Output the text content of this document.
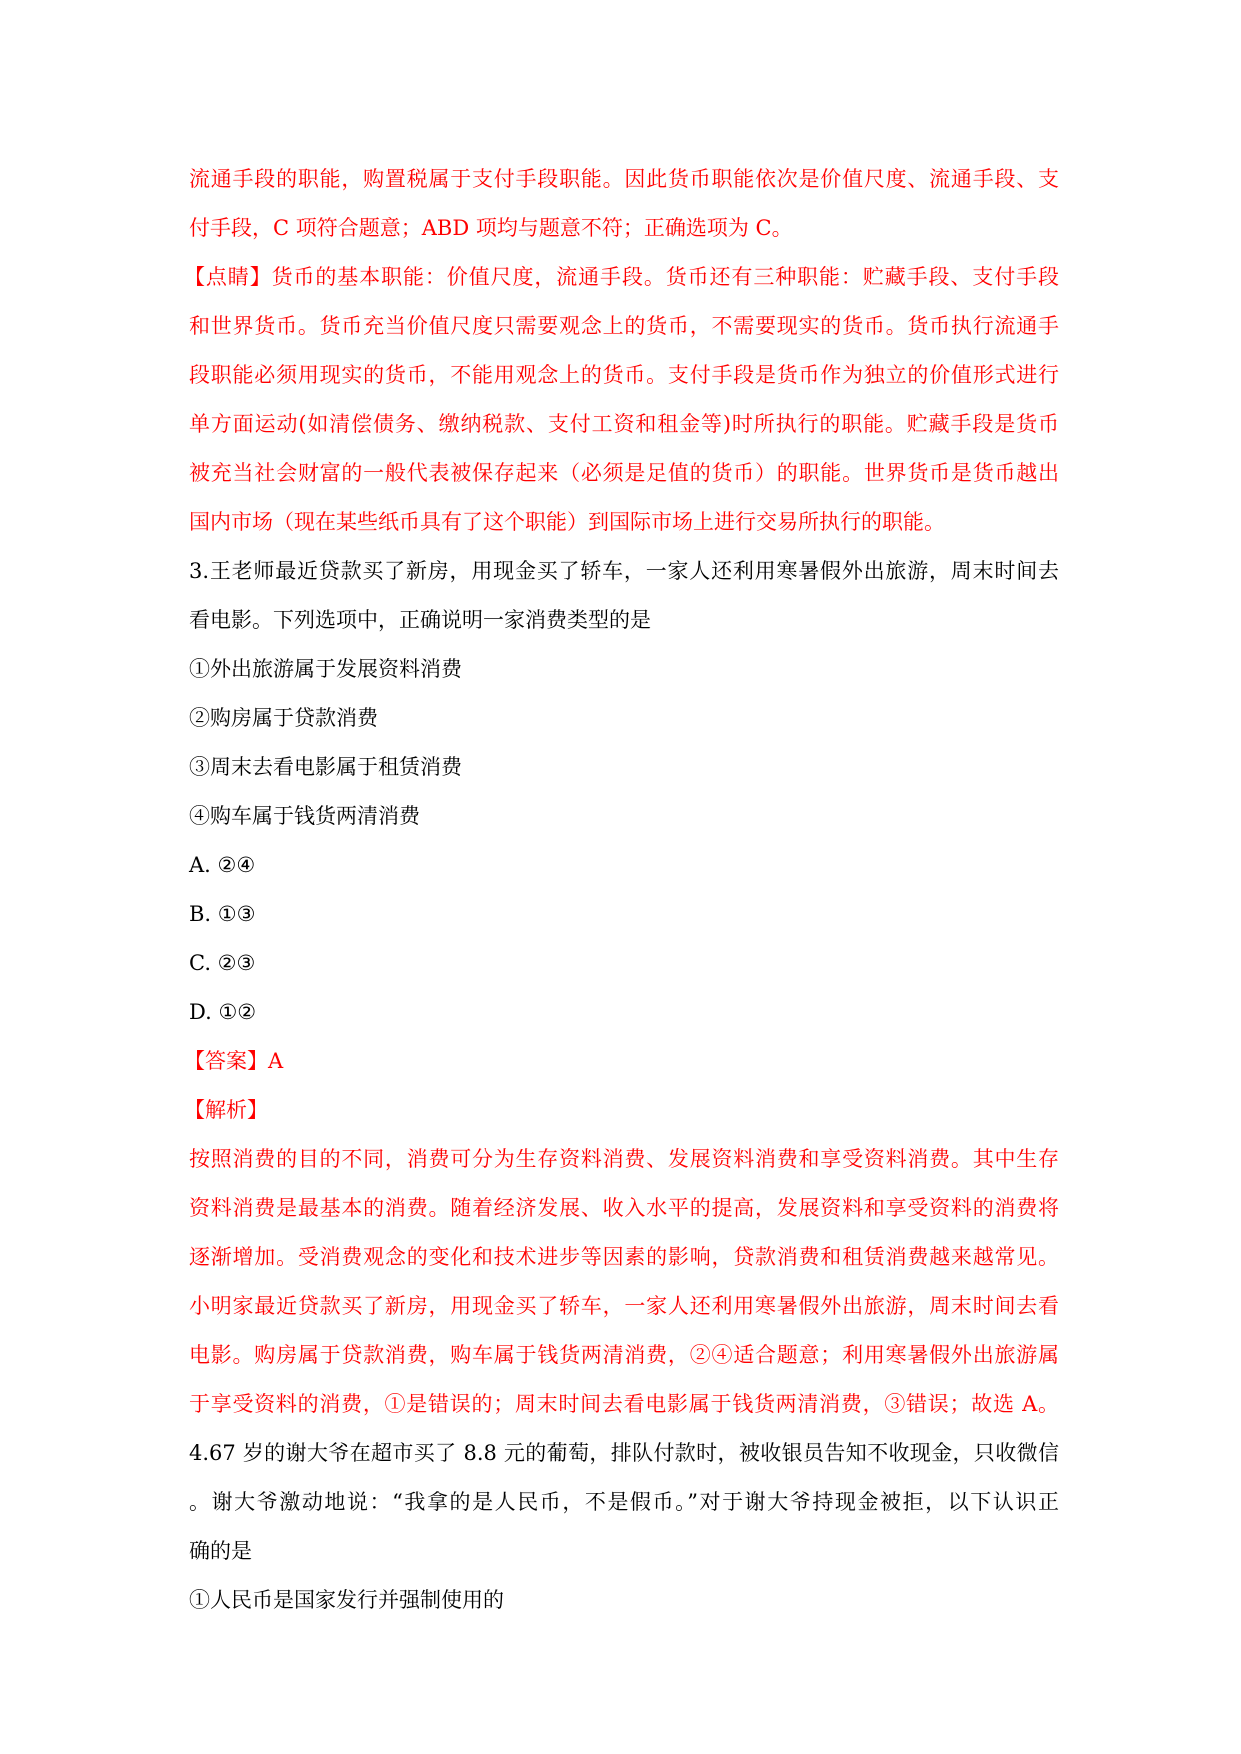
流通手段的职能，购置税属于支付手段职能。因此货币职能依次是价值尺度、流通手段、支
付手段，C 项符合题意；ABD 项均与题意不符；正确选项为 C。
【点睛】货币的基本职能：价值尺度，流通手段。货币还有三种职能：贮藏手段、支付手段
和世界货币。货币充当价值尺度只需要观念上的货币，不需要现实的货币。货币执行流通手
段职能必须用现实的货币，不能用观念上的货币。支付手段是货币作为独立的价值形式进行
单方面运动(如清偿债务、缴纳税款、支付工资和租金等)时所执行的职能。贮藏手段是货币
被充当社会财富的一般代表被保存起来（必须是足值的货币）的职能。世界货币是货币越出
国内市场（现在某些纸币具有了这个职能）到国际市场上进行交易所执行的职能。
3.王老师最近贷款买了新房，用现金买了轿车，一家人还利用寒暑假外出旅游，周末时间去
看电影。下列选项中，正确说明一家消费类型的是
①外出旅游属于发展资料消费
②购房属于贷款消费
③周末去看电影属于租赁消费
④购车属于钱货两清消费
A. ②④
B. ①③
C. ②③
D. ①②
【答案】A
【解析】
按照消费的目的不同，消费可分为生存资料消费、发展资料消费和享受资料消费。其中生存
资料消费是最基本的消费。随着经济发展、收入水平的提高，发展资料和享受资料的消费将
逐渐增加。受消费观念的变化和技术进步等因素的影响，贷款消费和租赁消费越来越常见。
小明家最近贷款买了新房，用现金买了轿车，一家人还利用寒暑假外出旅游，周末时间去看
电影。购房属于贷款消费，购车属于钱货两清消费，②④适合题意；利用寒暑假外出旅游属
于享受资料的消费，①是错误的；周末时间去看电影属于钱货两清消费，③错误；故选 A。
4.67 岁的谢大爷在超市买了 8.8 元的葡萄，排队付款时，被收银员告知不收现金，只收微信
。谢大爷激动地说：“我拿的是人民币，不是假币。”对于谢大爷持现金被拒，以下认识正
确的是
①人民币是国家发行并强制使用的
